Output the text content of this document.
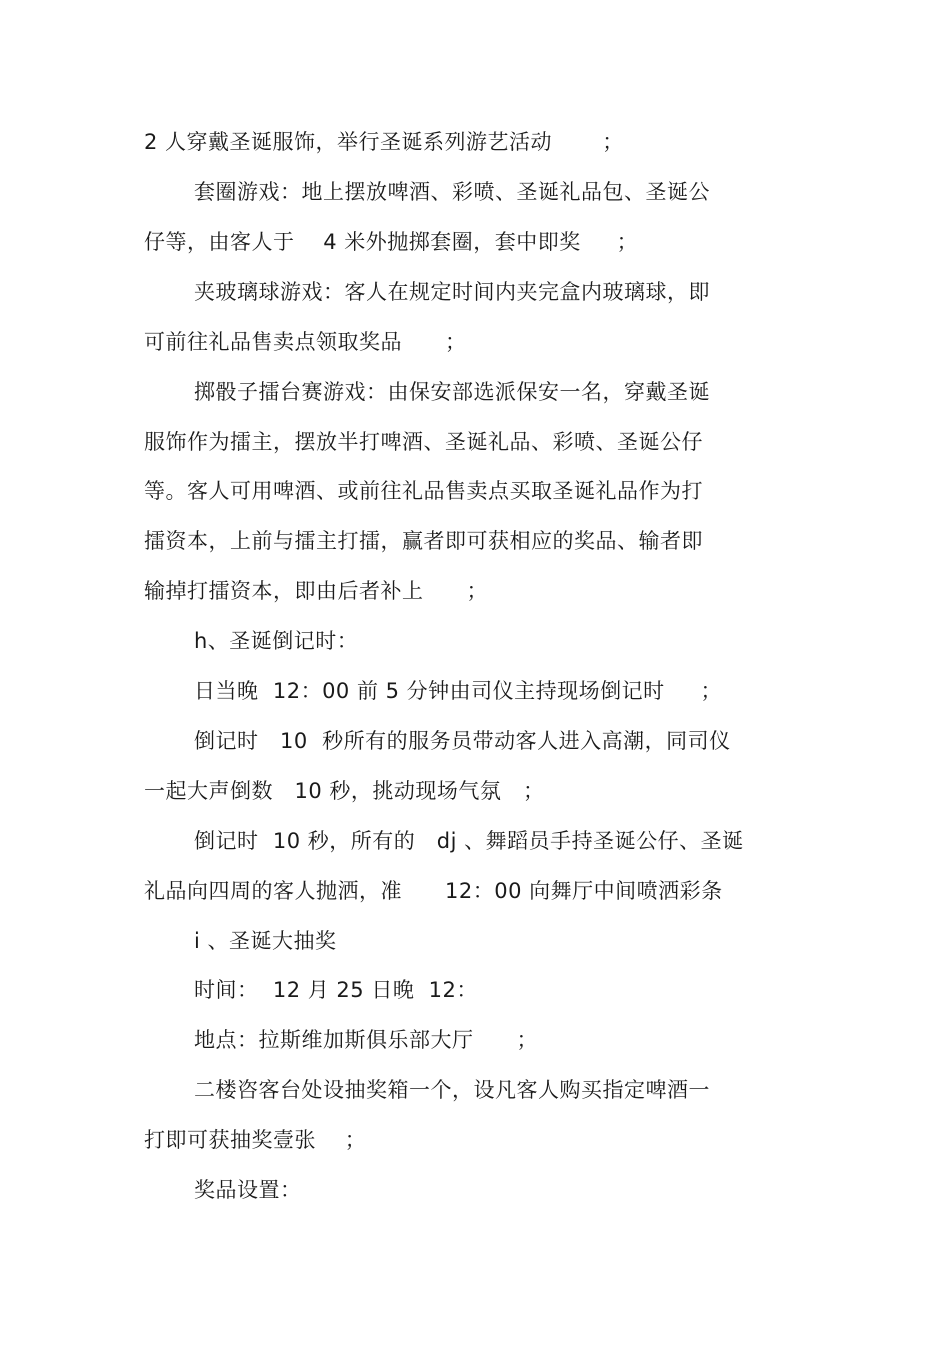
2 人穿戴圣诞服饰，举行圣诞系列游艺活动       ；
套圈游戏：地上摆放啤酒、彩喷、圣诞礼品包、圣诞公
仔等，由客人于    4 米外抛掷套圈，套中即奖     ；
夹玻璃球游戏：客人在规定时间内夹完盒内玻璃球，即
可前往礼品售卖点领取奖品      ；
掷骰子擂台赛游戏：由保安部选派保安一名，穿戴圣诞
服饰作为擂主，摆放半打啤酒、圣诞礼品、彩喷、圣诞公仔
等。客人可用啤酒、或前往礼品售卖点买取圣诞礼品作为打
擂资本，上前与擂主打擂，赢者即可获相应的奖品、输者即
输掉打擂资本，即由后者补上      ；
h、圣诞倒记时：
日当晚  12：00 前 5 分钟由司仪主持现场倒记时     ；
倒记时   10  秒所有的服务员带动客人进入高潮，同司仪
一起大声倒数   10 秒，挑动现场气氛   ；
倒记时  10 秒，所有的   dj 、舞蹈员手持圣诞公仔、圣诞
礼品向四周的客人抛洒，准      12：00 向舞厅中间喷洒彩条
i 、圣诞大抽奖
时间：  12 月 25 日晚  12：
地点：拉斯维加斯俱乐部大厅      ；
二楼咨客台处设抽奖箱一个，设凡客人购买指定啤酒一
打即可获抽奖壹张    ；
奖品设置：
